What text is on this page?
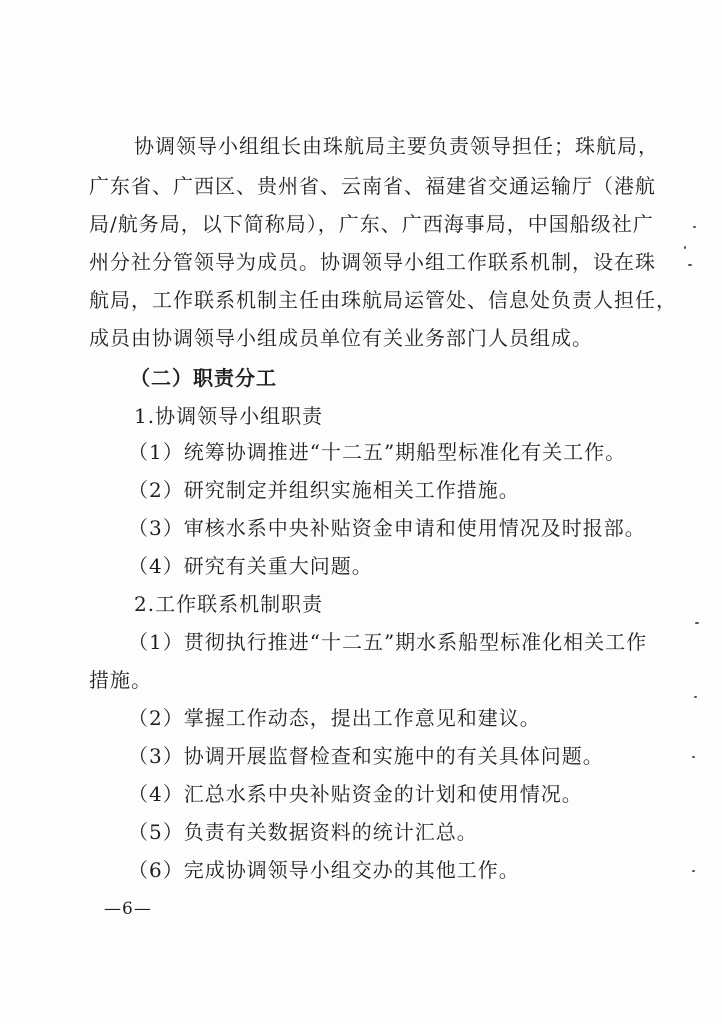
协调领导小组组长由珠航局主要负责领导担任；珠航局，
广东省、广西区、贵州省、云南省、福建省交通运输厅（港航
局/航务局，以下简称局），广东、广西海事局，中国船级社广
州分社分管领导为成员。协调领导小组工作联系机制，设在珠
航局，工作联系机制主任由珠航局运管处、信息处负责人担任，
成员由协调领导小组成员单位有关业务部门人员组成。
（二）职责分工
1.协调领导小组职责
（1）统筹协调推进“十二五”期船型标准化有关工作。
（2）研究制定并组织实施相关工作措施。
（3）审核水系中央补贴资金申请和使用情况及时报部。
（4）研究有关重大问题。
2.工作联系机制职责
（1）贯彻执行推进“十二五”期水系船型标准化相关工作
措施。
（2）掌握工作动态，提出工作意见和建议。
（3）协调开展监督检查和实施中的有关具体问题。
（4）汇总水系中央补贴资金的计划和使用情况。
（5）负责有关数据资料的统计汇总。
（6）完成协调领导小组交办的其他工作。
—6—
